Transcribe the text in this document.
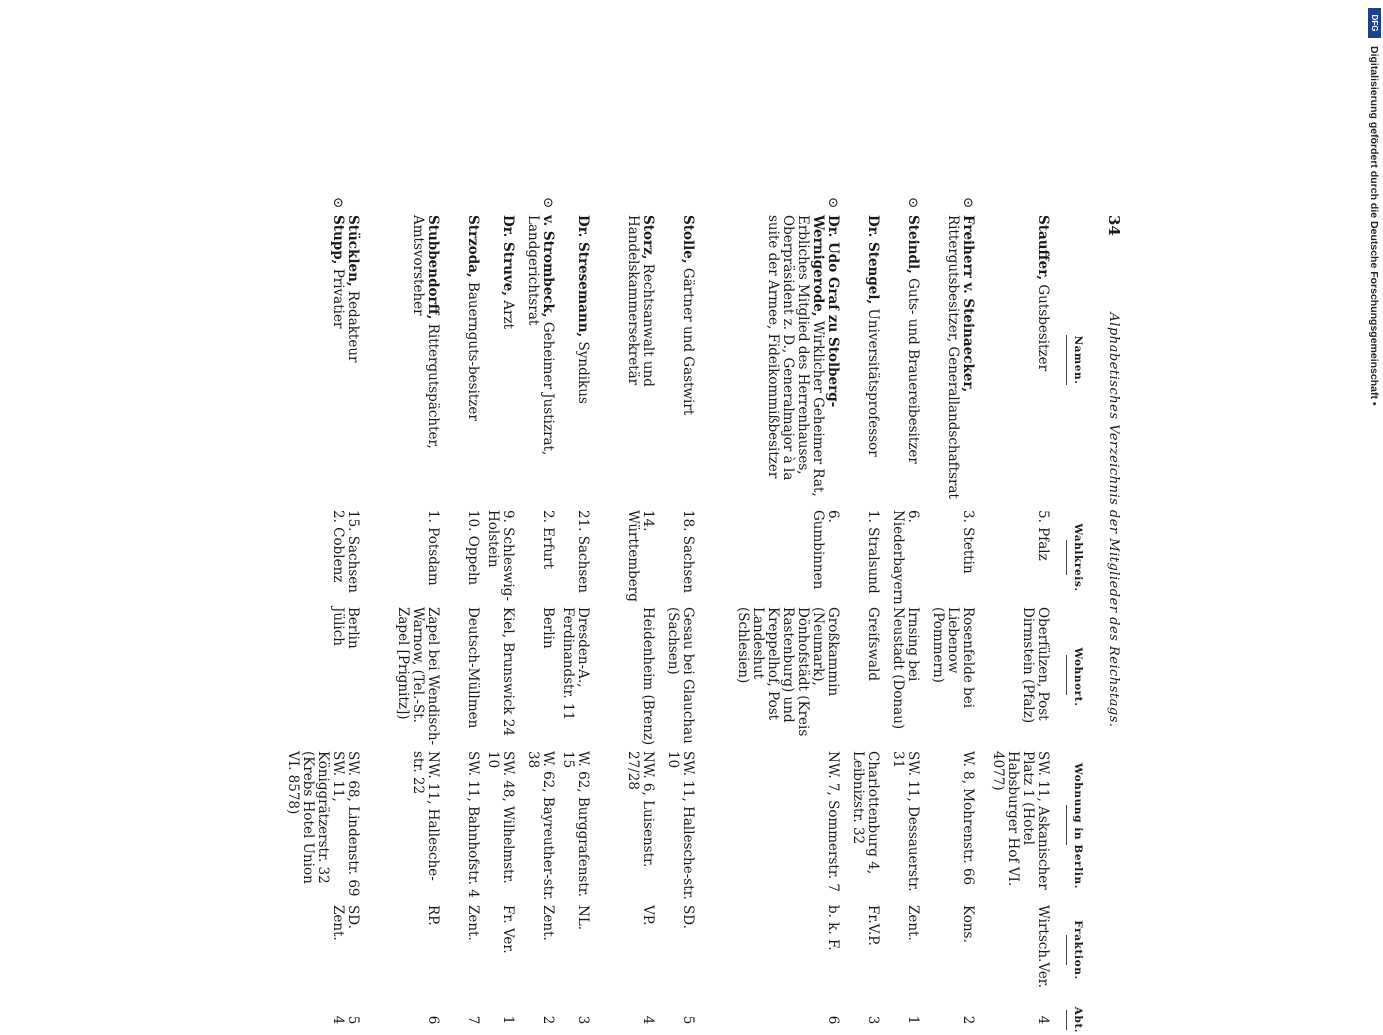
34
Alphabetisches Verzeichnis der Mitglieder des Reichstags.
Namen.
Wahlkreis.
Wohnort.
Wohnung in Berlin.
Fraktion.
Abt.
Stauffer, Gutsbesitzer
5. Pfalz
Oberfülzen, Post Dirmstein (Pfalz)
SW. 11, Askanischer Platz 1 (Hotel Habsburger Hof VI. 4077)
Wirtsch.Ver.
4
⊙
Freiherr v. Steinaecker, Rittergutsbesitzer, Generallandschaftsrat
3. Stettin
Rosenfelde bei Liebenow (Pommern)
W. 8, Mohrenstr. 66
Kons.
2
⊙
Steindl, Guts- und Brauereibesitzer
6. Niederbayern
Irnsing bei Neustadt (Donau)
SW. 11, Dessauerstr. 31
Zent.
1
Dr. Stengel, Universitätsprofessor
1. Stralsund
Greifswald
Charlottenburg 4, Leibnizstr. 32
Fr.V.P.
3
⊙
Dr. Udo Graf zu Stolberg-Wernigerode, Wirklicher Geheimer Rat, Erbliches Mitglied des Herrenhauses, Oberpräsident z. D., Generalmajor à la suite der Armee, Fideikommißbesitzer
6. Gumbinnen
Großkammin (Neumark), Dönhofstädt (Kreis Rastenburg) und Kreppelhof, Post Landeshut (Schlesien)
NW. 7, Sommerstr. 7
b. k. F.
6
Stolle, Gärtner und Gastwirt
18. Sachsen
Gesau bei Glauchau (Sachsen)
SW. 11, Hallesche-str. 10
SD.
5
Storz, Rechtsanwalt und Handelskammersekretär
14. Württemberg
Heidenheim (Brenz)
NW. 6, Luisenstr. 27/28
VP.
4
Dr. Stresemann, Syndikus
21. Sachsen
Dresden-A., Ferdinandstr. 11
W. 62, Burggrafenstr. 15
NL.
3
⊙
v. Strombeck, Geheimer Justizrat, Landgerichtsrat
2. Erfurt
Berlin
W. 62, Bayreuther-str. 38
Zent.
2
Dr. Struve, Arzt
9. Schleswig-Holstein
Kiel, Brunswick 24
SW. 48, Wilhelmstr. 10
Fr. Ver.
1
Strzoda, Bauernguts-besitzer
10. Oppeln
Deutsch-Müllmen
SW. 11, Bahnhofstr. 4
Zent.
7
Stubbendorff, Rittergutspächter, Amtsvorsteher
1. Potsdam
Zapel bei Wendisch-Warnow, (Tel.-St. Zapel [Prignitz])
NW. 11, Hallesche-str. 22
RP.
6
Stücklen, Redakteur
15. Sachsen
Berlin
SW. 68, Lindenstr. 69
SD.
5
⊙
Stupp, Privatier
2. Coblenz
Jülich
SW. 11, Königgrätzerstr. 32 (Krebs Hotel Union VI. 8578)
Zent.
4
DFG
Digitalisierung gefördert durch die Deutsche Forschungsgemeinschaft •
